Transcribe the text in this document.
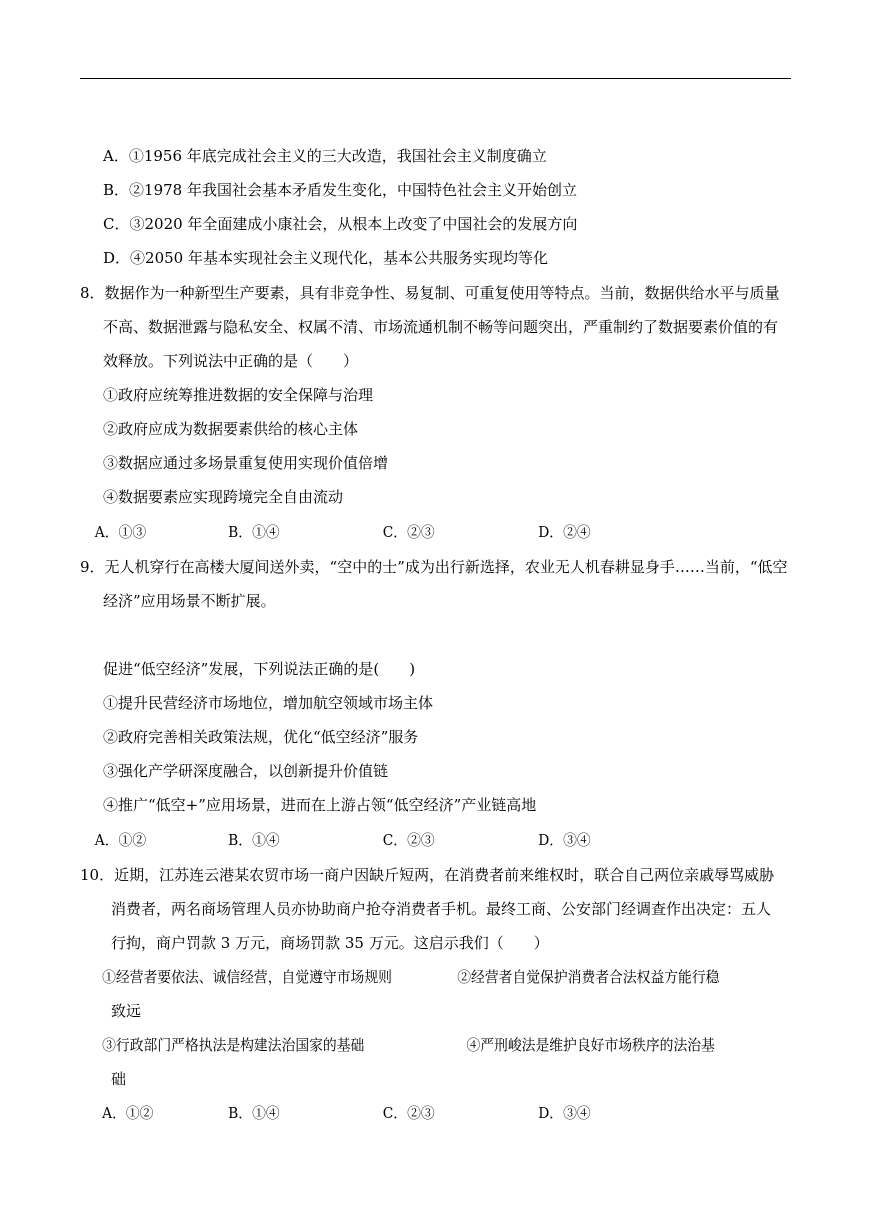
A．①1956 年底完成社会主义的三大改造，我国社会主义制度确立
B．②1978 年我国社会基本矛盾发生变化，中国特色社会主义开始创立
C．③2020 年全面建成小康社会，从根本上改变了中国社会的发展方向
D．④2050 年基本实现社会主义现代化，基本公共服务实现均等化
8．数据作为一种新型生产要素，具有非竞争性、易复制、可重复使用等特点。当前，数据供给水平与质量
不高、数据泄露与隐私安全、权属不清、市场流通机制不畅等问题突出，严重制约了数据要素价值的有
效释放。下列说法中正确的是（　　）
①政府应统筹推进数据的安全保障与治理
②政府应成为数据要素供给的核心主体
③数据应通过多场景重复使用实现价值倍增
④数据要素应实现跨境完全自由流动
A．①③	B．①④	C．②③	D．②④
9．无人机穿行在高楼大厦间送外卖，“空中的士”成为出行新选择，农业无人机春耕显身手……当前，“低空
经济”应用场景不断扩展。
促进“低空经济”发展，下列说法正确的是(　　)
①提升民营经济市场地位，增加航空领域市场主体
②政府完善相关政策法规，优化“低空经济”服务
③强化产学研深度融合，以创新提升价值链
④推广“低空+”应用场景，进而在上游占领“低空经济”产业链高地
A．①②	B．①④	C．②③	D．③④
10．近期，江苏连云港某农贸市场一商户因缺斤短两，在消费者前来维权时，联合自己两位亲戚辱骂威胁
消费者，两名商场管理人员亦协助商户抢夺消费者手机。最终工商、公安部门经调查作出决定：五人
行拘，商户罚款 3 万元，商场罚款 35 万元。这启示我们（　　）
①经营者要依法、诚信经营，自觉遵守市场规则	②经营者自觉保护消费者合法权益方能行稳
致远
③行政部门严格执法是构建法治国家的基础	④严刑峻法是维护良好市场秩序的法治基
础
A．①②	B．①④	C．②③	D．③④
